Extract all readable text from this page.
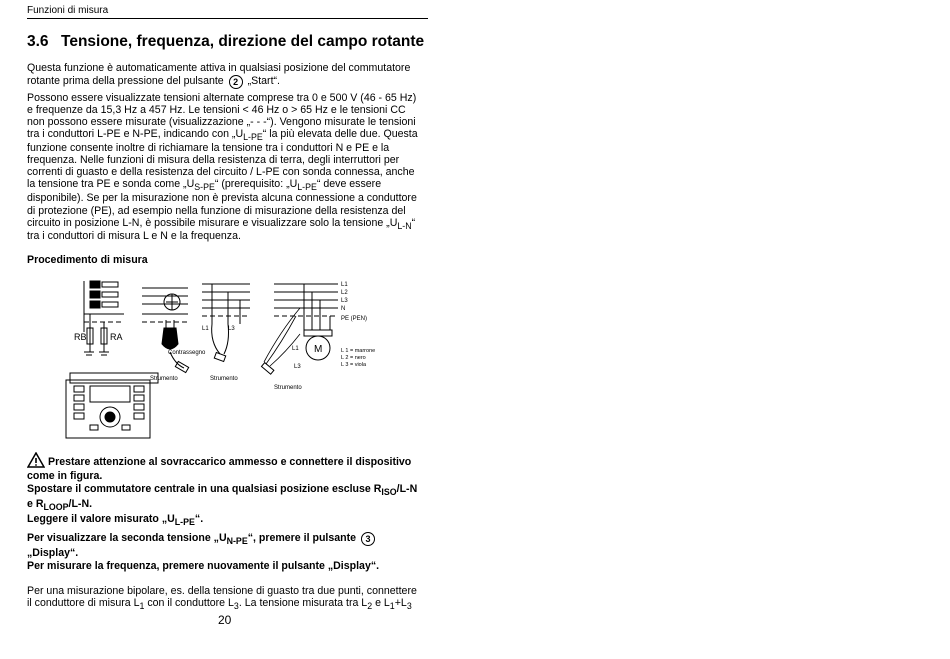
Funzioni di misura
3.6 Tensione, frequenza, direzione del campo rotante
Questa funzione è automaticamente attiva in qualsiasi posizione del commutatore
rotante prima della pressione del pulsante 2 „Start“.
Possono essere visualizzate tensioni alternate comprese tra 0 e 500 V (46 - 65 Hz)
e frequenze da 15,3 Hz a 457 Hz. Le tensioni < 46 Hz o > 65 Hz e le tensioni CC
non possono essere misurate (visualizzazione „- - -“). Vengono misurate le tensioni
tra i conduttori L-PE e N-PE, indicando con $„U_{L-PE}“$ la più elevata delle due. Questa
funzione consente inoltre di richiamare la tensione tra i conduttori N e PE e la
frequenza. Nelle funzioni di misura della resistenza di terra, degli interruttori per
correnti di guasto e della resistenza del circuito / L-PE con sonda connessa, anche
la tensione tra PE e sonda come $„U_{S-PE}“$ (prerequisito: $„U_{L-PE}“$ deve essere
disponibile). Se per la misurazione non è prevista alcuna connessione a conduttore
di protezione (PE), ad esempio nella funzione di misurazione della resistenza del
circuito in posizione L-N, è possibile misurare e visualizzare solo la tensione $„U_{L-N}“$
tra i conduttori di misura L e N e la frequenza.
Procedimento di misura
RB	RA
Contrassegno
Strumento
L1	L3
Strumento
M
L1
L3
Strumento
L1
L2
L3
N
PE (PEN)
L 1 = marrone
L 2 = nero
L 3 = viola
Prestare attenzione al sovraccarico ammesso e connettere il dispositivo
come in figura.
Spostare il commutatore centrale in una qualsiasi posizione escluse $R_{ISO}/L-N$
e $R_{LOOP}/L-N$.
Leggere il valore misurato $„U_{L-PE}“$.
Per visualizzare la seconda tensione $„U_{N-PE}“$, premere il pulsante 3
„Display“.
Per misurare la frequenza, premere nuovamente il pulsante „Display“.
Per una misurazione bipolare, es. della tensione di guasto tra due punti, connettere
il conduttore di misura $L_1$ con il conduttore $L_3$. La tensione misurata tra $L_2$ e $L_1+L_3$
20
